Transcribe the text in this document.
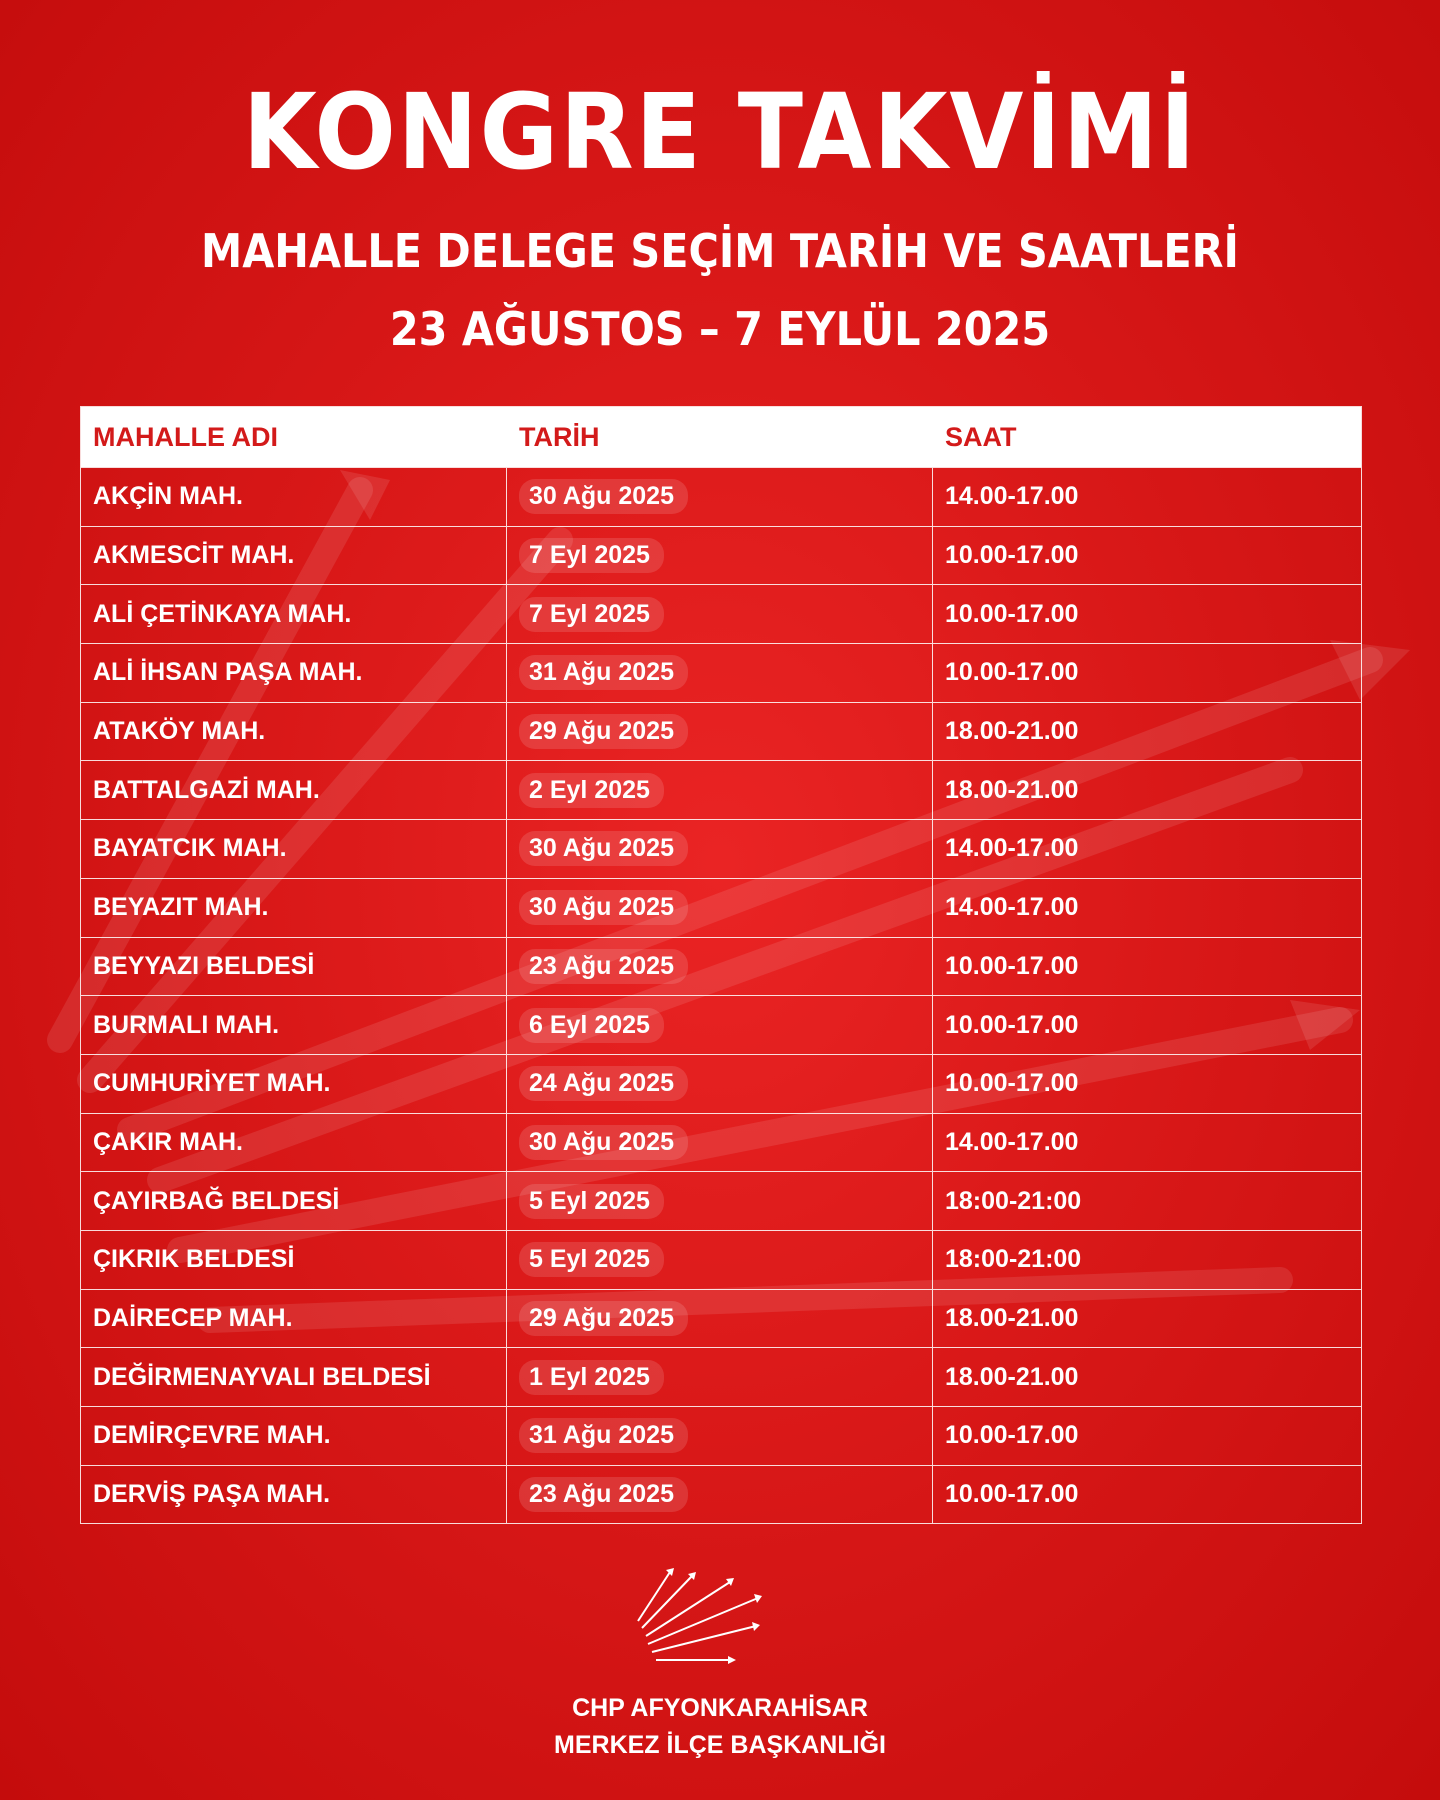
KONGRE TAKVİMİ
MAHALLE DELEGE SEÇİM TARİH VE SAATLERİ
23 AĞUSTOS – 7 EYLÜL 2025
MAHALLE ADI	TARİH	SAAT
AKÇİN MAH.	30 Ağu 2025	14.00-17.00
AKMESCİT MAH.	7 Eyl 2025	10.00-17.00
ALİ ÇETİNKAYA MAH.	7 Eyl 2025	10.00-17.00
ALİ İHSAN PAŞA MAH.	31 Ağu 2025	10.00-17.00
ATAKÖY MAH.	29 Ağu 2025	18.00-21.00
BATTALGAZİ MAH.	2 Eyl 2025	18.00-21.00
BAYATCIK MAH.	30 Ağu 2025	14.00-17.00
BEYAZIT MAH.	30 Ağu 2025	14.00-17.00
BEYYAZI BELDESİ	23 Ağu 2025	10.00-17.00
BURMALI MAH.	6 Eyl 2025	10.00-17.00
CUMHURİYET MAH.	24 Ağu 2025	10.00-17.00
ÇAKIR MAH.	30 Ağu 2025	14.00-17.00
ÇAYIRBAĞ BELDESİ	5 Eyl 2025	18:00-21:00
ÇIKRIK BELDESİ	5 Eyl 2025	18:00-21:00
DAİRECEP MAH.	29 Ağu 2025	18.00-21.00
DEĞİRMENAYVALI BELDESİ	1 Eyl 2025	18.00-21.00
DEMİRÇEVRE MAH.	31 Ağu 2025	10.00-17.00
DERVİŞ PAŞA MAH.	23 Ağu 2025	10.00-17.00
CHP AFYONKARAHİSAR
MERKEZ İLÇE BAŞKANLIĞI
